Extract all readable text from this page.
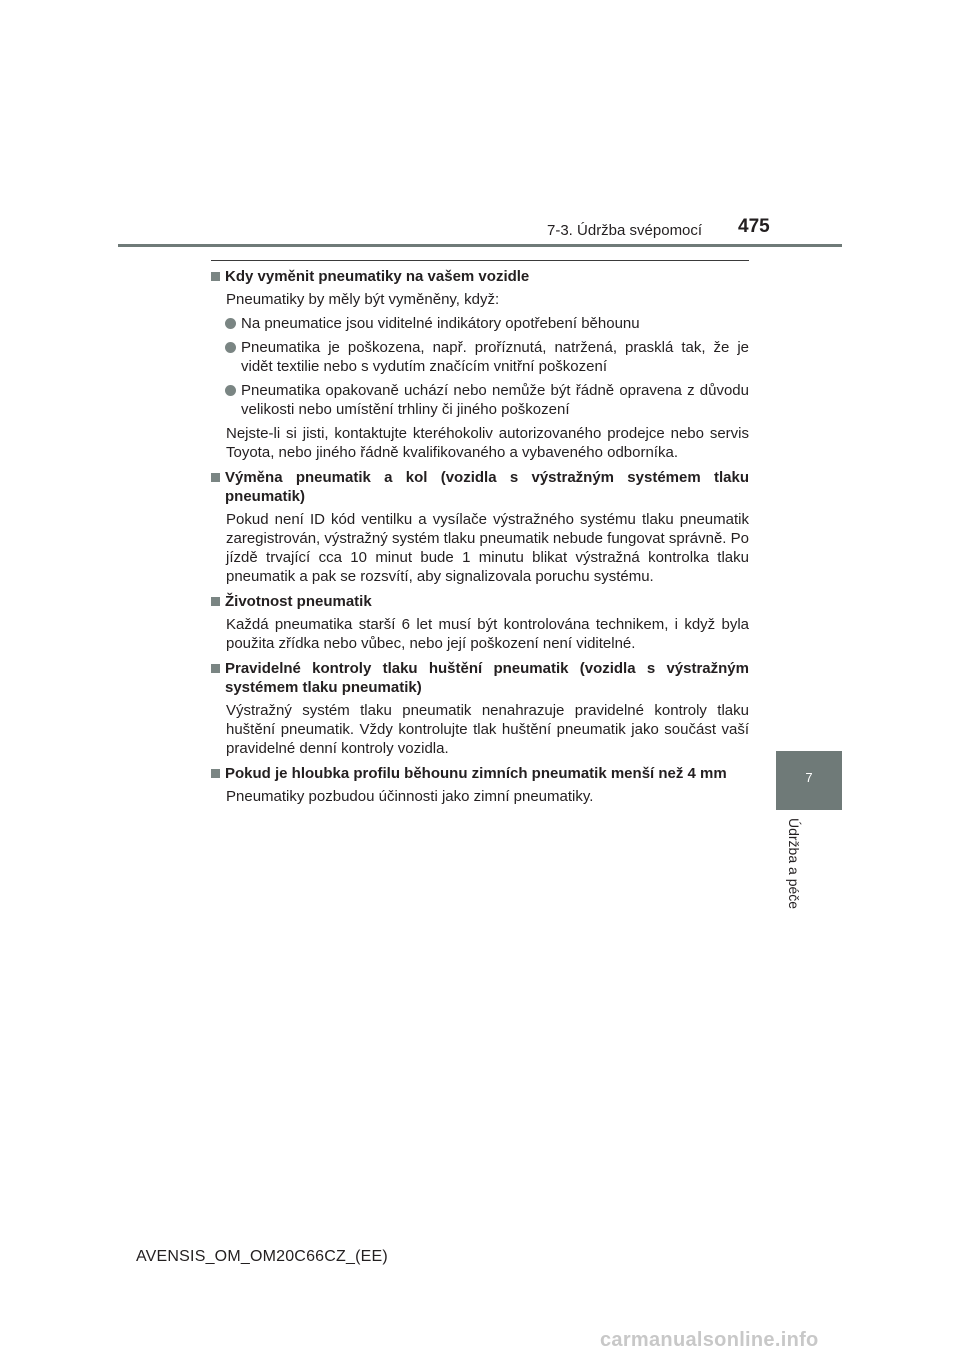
7-3. Údržba svépomocí 475
7
Údržba a péče
Kdy vyměnit pneumatiky na vašem vozidle
Pneumatiky by měly být vyměněny, když:
Na pneumatice jsou viditelné indikátory opotřebení běhounu
Pneumatika je poškozena, např. proříznutá, natržená, prasklá tak, že je vidět textilie nebo s vydutím značícím vnitřní poškození
Pneumatika opakovaně uchází nebo nemůže být řádně opravena z důvodu velikosti nebo umístění trhliny či jiného poškození
Nejste-li si jisti, kontaktujte kteréhokoliv autorizovaného prodejce nebo servis Toyota, nebo jiného řádně kvalifikovaného a vybaveného odborníka.
Výměna pneumatik a kol (vozidla s výstražným systémem tlaku pneumatik)
Pokud není ID kód ventilku a vysílače výstražného systému tlaku pneumatik zaregistrován, výstražný systém tlaku pneumatik nebude fungovat správně. Po jízdě trvající cca 10 minut bude 1 minutu blikat výstražná kontrolka tlaku pneumatik a pak se rozsvítí, aby signalizovala poruchu systému.
Životnost pneumatik
Každá pneumatika starší 6 let musí být kontrolována technikem, i když byla použita zřídka nebo vůbec, nebo její poškození není viditelné.
Pravidelné kontroly tlaku huštění pneumatik (vozidla s výstražným systémem tlaku pneumatik)
Výstražný systém tlaku pneumatik nenahrazuje pravidelné kontroly tlaku huštění pneumatik. Vždy kontrolujte tlak huštění pneumatik jako součást vaší pravidelné denní kontroly vozidla.
Pokud je hloubka profilu běhounu zimních pneumatik menší než 4 mm
Pneumatiky pozbudou účinnosti jako zimní pneumatiky.
AVENSIS_OM_OM20C66CZ_(EE)
carmanualsonline.info
